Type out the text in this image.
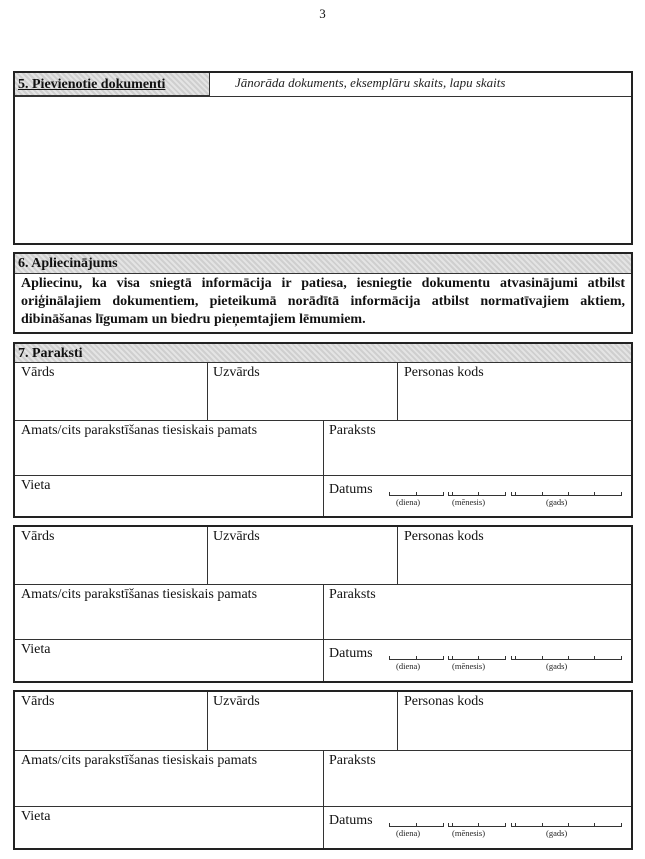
3
5. Pievienotie dokumenti	Jānorāda dokuments, eksemplāru skaits, lapu skaits
6. Apliecinājums
Apliecinu, ka visa sniegtā informācija ir patiesa, iesniegtie dokumentu atvasinājumi atbilst oriģinālajiem dokumentiem, pieteikumā norādītā informācija atbilst normatīvajiem aktiem, dibināšanas līgumam un biedru pieņemtajiem lēmumiem.
7. Paraksti
Vārds	Uzvārds	Personas kods
Amats/cits parakstīšanas tiesiskais pamats	Paraksts
Vieta	Datums
(diena)	(mēnesis)	(gads)
Vārds	Uzvārds	Personas kods
Amats/cits parakstīšanas tiesiskais pamats	Paraksts
Vieta	Datums
(diena)	(mēnesis)	(gads)
Vārds	Uzvārds	Personas kods
Amats/cits parakstīšanas tiesiskais pamats	Paraksts
Vieta	Datums
(diena)	(mēnesis)	(gads)
